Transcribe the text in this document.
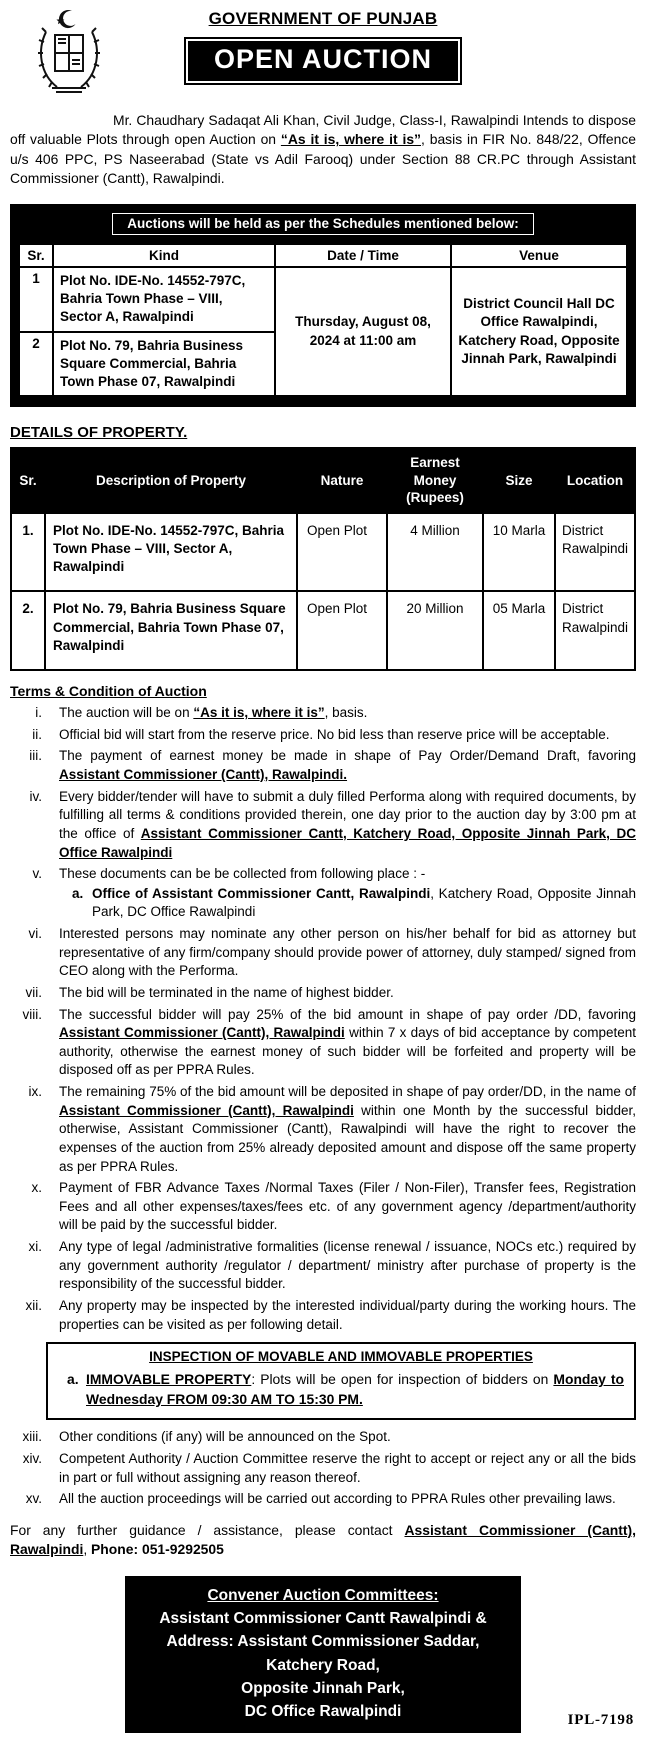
GOVERNMENT OF PUNJAB
OPEN AUCTION

Mr. Chaudhary Sadaqat Ali Khan, Civil Judge, Class-I, Rawalpindi Intends to dispose off valuable Plots through open Auction on “As it is, where it is”, basis in FIR No. 848/22, Offence u/s 406 PPC, PS Naseerabad (State vs Adil Farooq) under Section 88 CR.PC through Assistant Commissioner (Cantt), Rawalpindi.

Auctions will be held as per the Schedules mentioned below:
Sr.	Kind	Date / Time	Venue
1	Plot No. IDE-No. 14552-797C, Bahria Town Phase – VIII, Sector A, Rawalpindi	Thursday, August 08, 2024 at 11:00 am	District Council Hall DC Office Rawalpindi, Katchery Road, Opposite Jinnah Park, Rawalpindi
2	Plot No. 79, Bahria Business Square Commercial, Bahria Town Phase 07, Rawalpindi		
DETAILS OF PROPERTY.
Sr.	Description of Property	Nature	Earnest Money (Rupees)	Size	Location
1.	Plot No. IDE-No. 14552-797C, Bahria Town Phase – VIII, Sector A, Rawalpindi	Open Plot	4 Million	10 Marla	District Rawalpindi
2.	Plot No. 79, Bahria Business Square Commercial, Bahria Town Phase 07, Rawalpindi	Open Plot	20 Million	05 Marla	District Rawalpindi
Terms & Condition of Auction
i.	The auction will be on “As it is, where it is”, basis.
ii.	Official bid will start from the reserve price. No bid less than reserve price will be acceptable.
iii.	The payment of earnest money be made in shape of Pay Order/Demand Draft, favoring Assistant Commissioner (Cantt), Rawalpindi.
iv.	Every bidder/tender will have to submit a duly filled Performa along with required documents, by fulfilling all terms & conditions provided therein, one day prior to the auction day by 3:00 pm at the office of Assistant Commissioner Cantt, Katchery Road, Opposite Jinnah Park, DC Office Rawalpindi
v.	These documents can be be collected from following place : -
a. Office of Assistant Commissioner Cantt, Rawalpindi, Katchery Road, Opposite Jinnah Park, DC Office Rawalpindi
vi.	Interested persons may nominate any other person on his/her behalf for bid as attorney but representative of any firm/company should provide power of attorney, duly stamped/ signed from CEO along with the Performa.
vii.	The bid will be terminated in the name of highest bidder.
viii.	The successful bidder will pay 25% of the bid amount in shape of pay order /DD, favoring Assistant Commissioner (Cantt), Rawalpindi within 7 x days of bid acceptance by competent authority, otherwise the earnest money of such bidder will be forfeited and property will be disposed off as per PPRA Rules.
ix.	The remaining 75% of the bid amount will be deposited in shape of pay order/DD, in the name of Assistant Commissioner (Cantt), Rawalpindi within one Month by the successful bidder, otherwise, Assistant Commissioner (Cantt), Rawalpindi will have the right to recover the expenses of the auction from 25% already deposited amount and dispose off the same property as per PPRA Rules.
x.	Payment of FBR Advance Taxes /Normal Taxes (Filer / Non-Filer), Transfer fees, Registration Fees and all other expenses/taxes/fees etc. of any government agency /department/authority will be paid by the successful bidder.
xi.	Any type of legal /administrative formalities (license renewal / issuance, NOCs etc.) required by any government authority /regulator / department/ ministry after purchase of property is the responsibility of the successful bidder.
xii.	Any property may be inspected by the interested individual/party during the working hours. The properties can be visited as per following detail.
INSPECTION OF MOVABLE AND IMMOVABLE PROPERTIES
a. IMMOVABLE PROPERTY: Plots will be open for inspection of bidders on Monday to Wednesday FROM 09:30 AM TO 15:30 PM.
xiii.	Other conditions (if any) will be announced on the Spot.
xiv.	Competent Authority / Auction Committee reserve the right to accept or reject any or all the bids in part or full without assigning any reason thereof.
xv.	All the auction proceedings will be carried out according to PPRA Rules other prevailing laws.

For any further guidance / assistance, please contact Assistant Commissioner (Cantt), Rawalpindi, Phone: 051-9292505

Convener Auction Committees:
Assistant Commissioner Cantt Rawalpindi &
Address: Assistant Commissioner Saddar,
Katchery Road,
Opposite Jinnah Park,
DC Office Rawalpindi
IPL-7198
